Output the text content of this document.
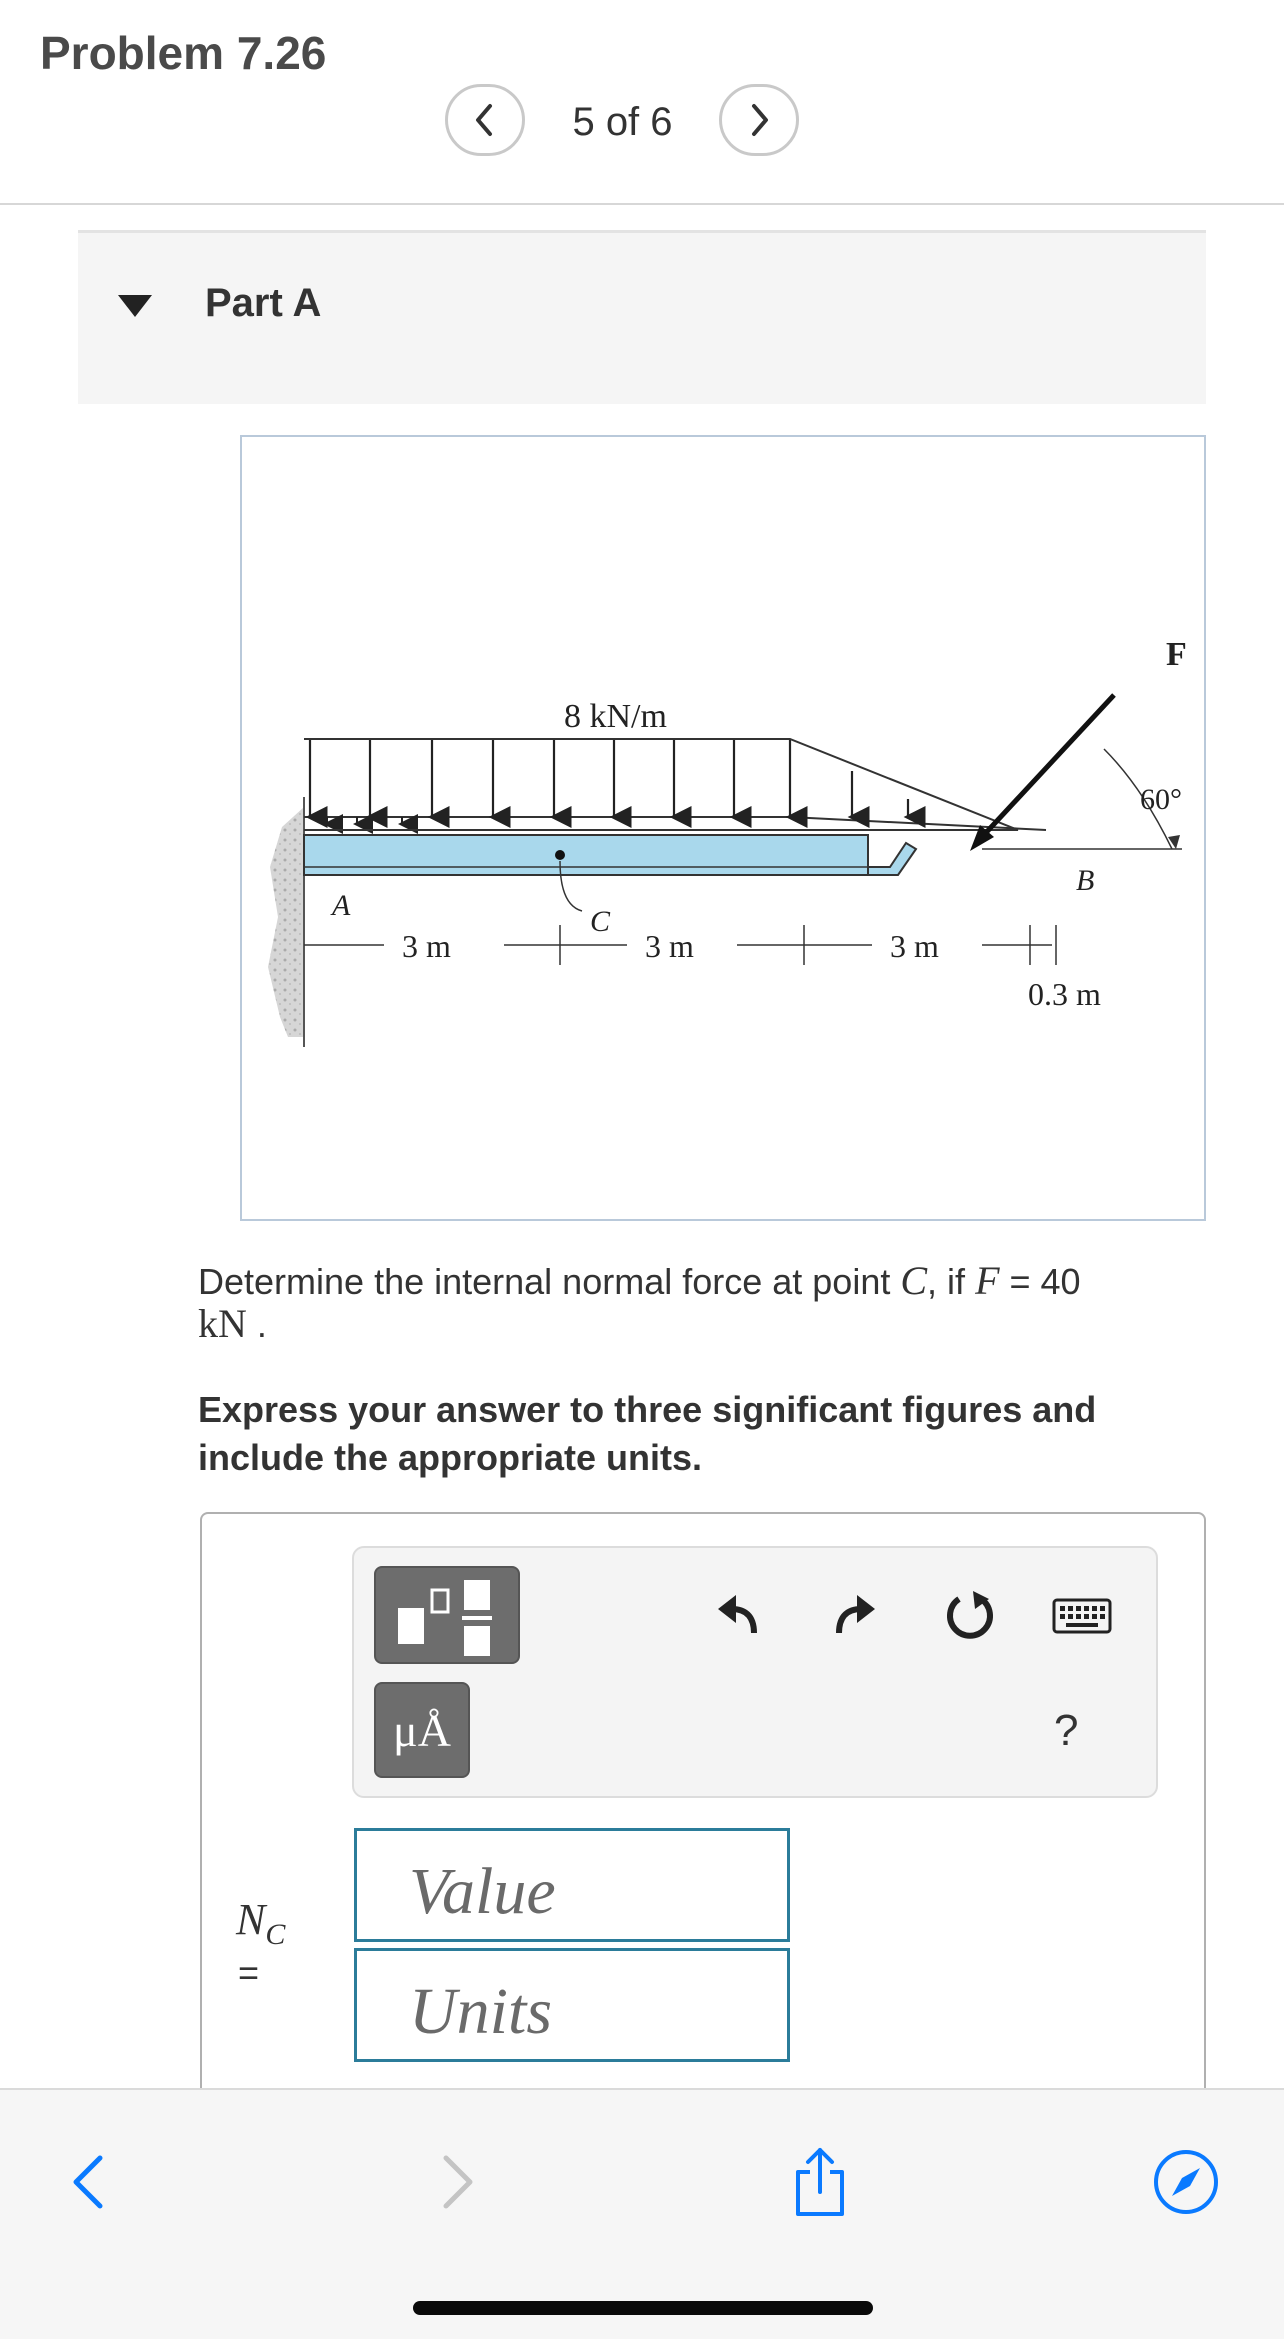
Problem 7.26
5 of 6
Part A
8 kN/m
F
60°
A
B
C
3 m	3 m	3 m
0.3 m
Determine the internal normal force at point C, if F = 40
kN .
Express your answer to three significant figures and include the appropriate units.
μÅ	?
$N_C$
=
Value
Units
